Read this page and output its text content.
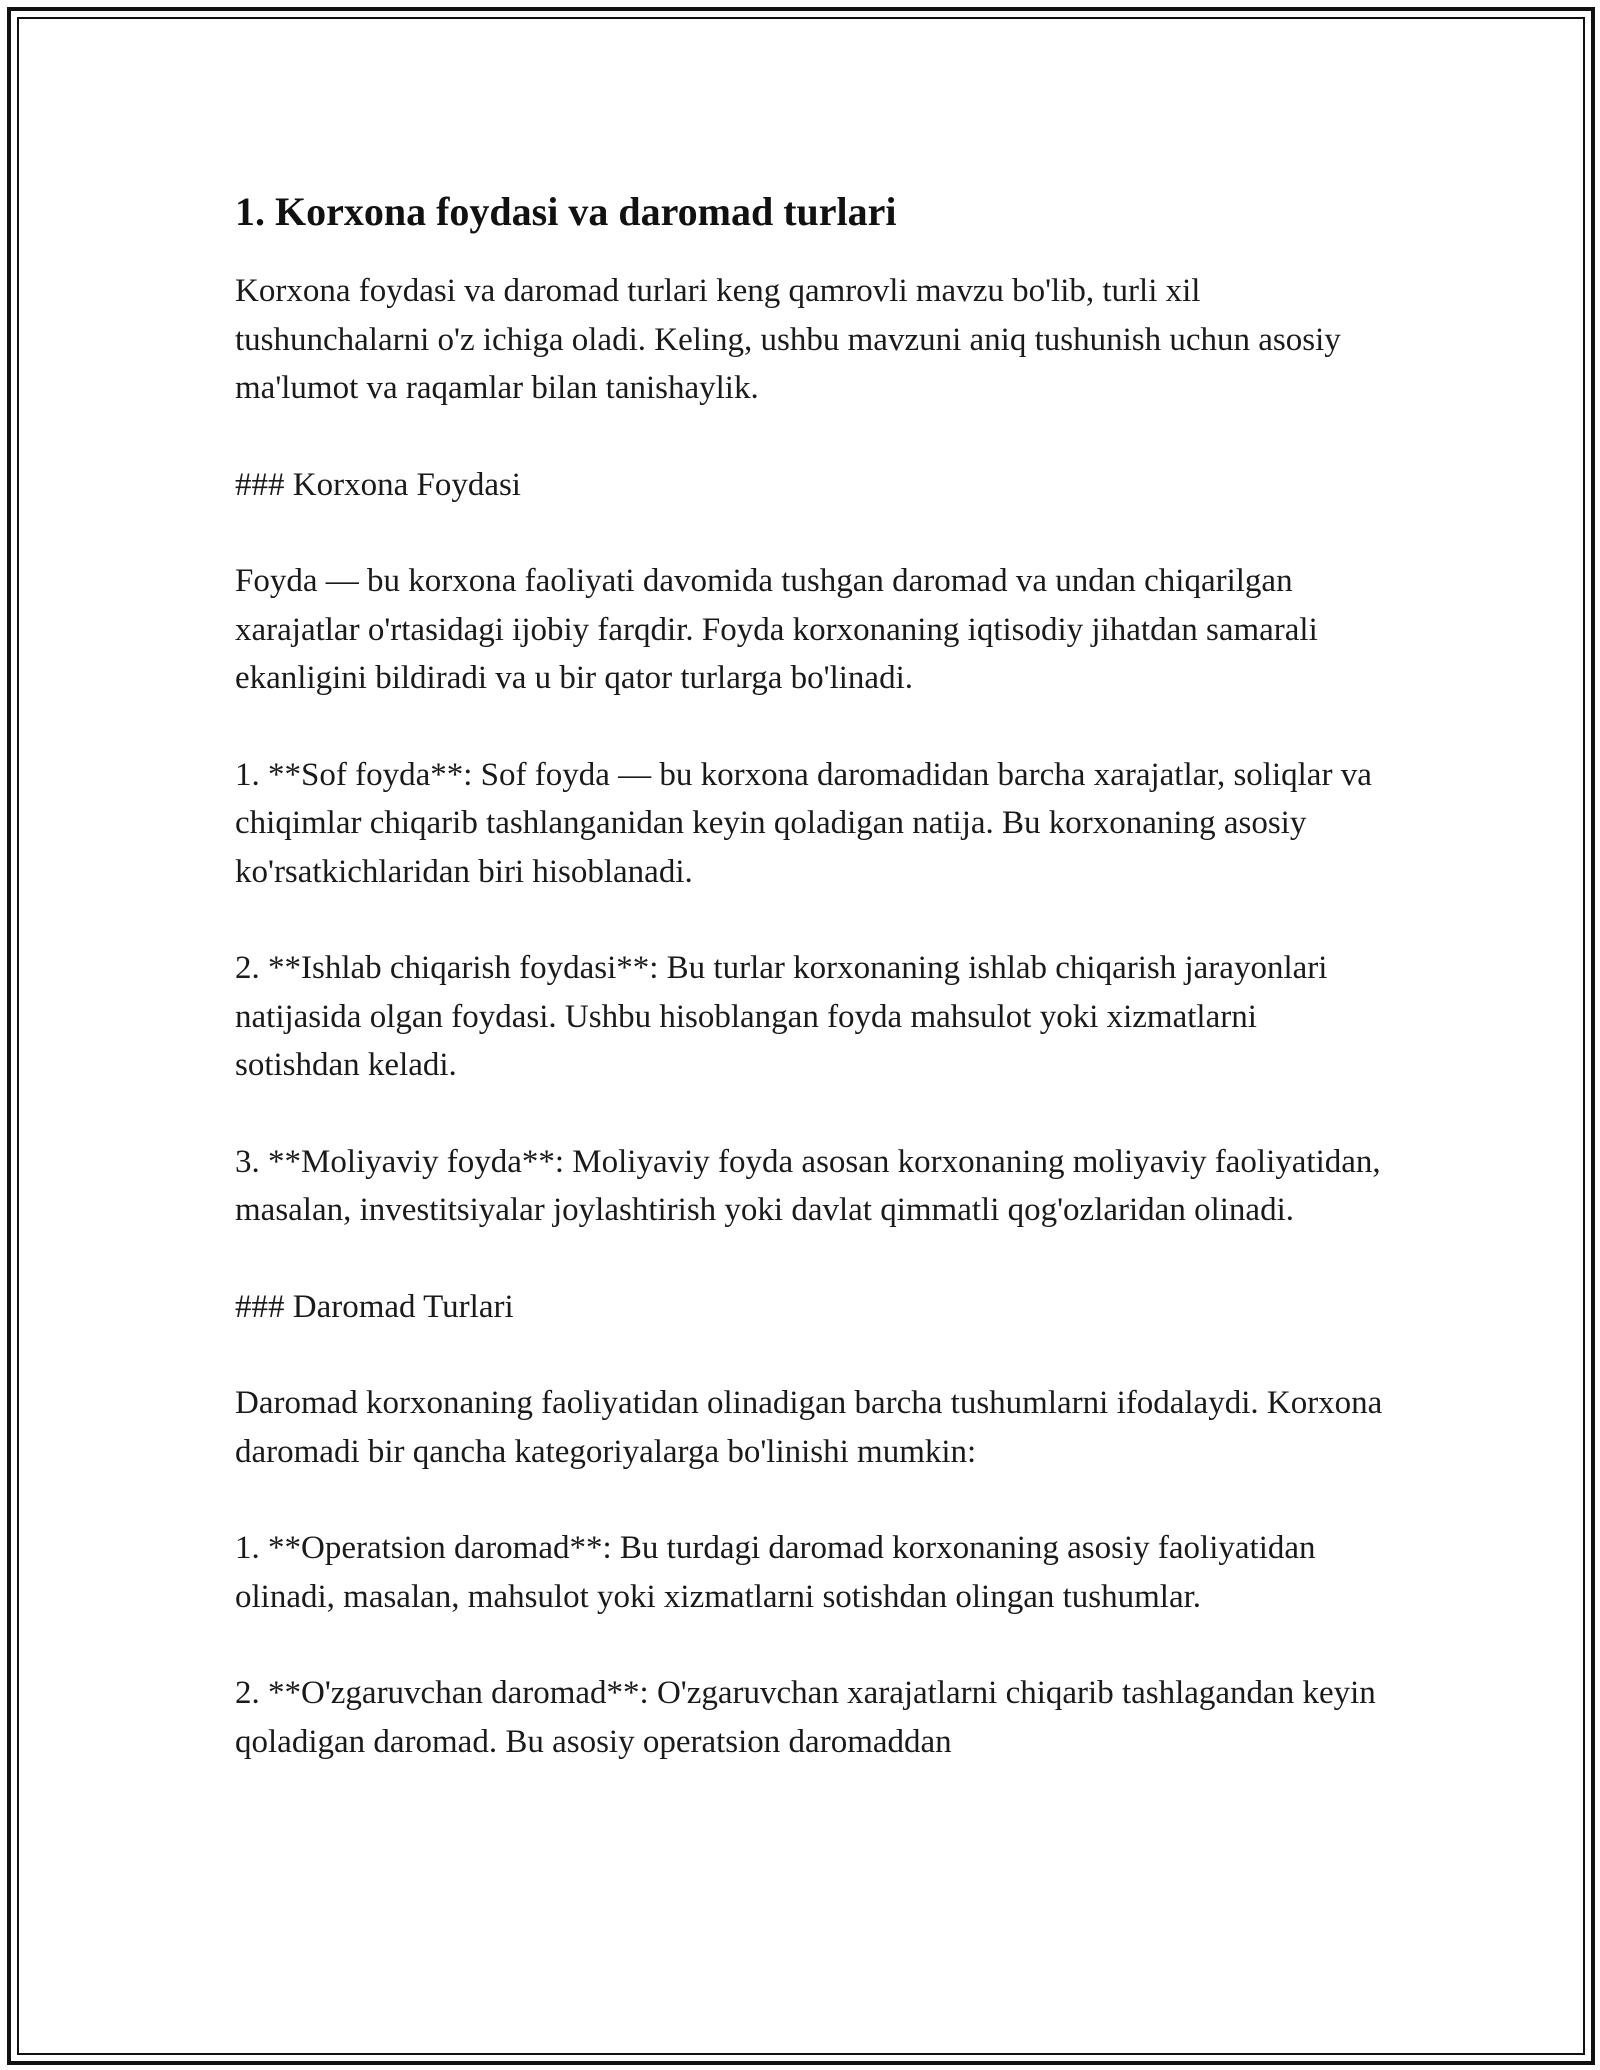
1. Korxona foydasi va daromad turlari

Korxona foydasi va daromad turlari keng qamrovli mavzu bo'lib, turli xil tushunchalarni o'z ichiga oladi. Keling, ushbu mavzuni aniq tushunish uchun asosiy ma'lumot va raqamlar bilan tanishaylik.

### Korxona Foydasi

Foyda — bu korxona faoliyati davomida tushgan daromad va undan chiqarilgan xarajatlar o'rtasidagi ijobiy farqdir. Foyda korxonaning iqtisodiy jihatdan samarali ekanligini bildiradi va u bir qator turlarga bo'linadi.

1. **Sof foyda**: Sof foyda — bu korxona daromadidan barcha xarajatlar, soliqlar va chiqimlar chiqarib tashlanganidan keyin qoladigan natija. Bu korxonaning asosiy ko'rsatkichlaridan biri hisoblanadi.

2. **Ishlab chiqarish foydasi**: Bu turlar korxonaning ishlab chiqarish jarayonlari natijasida olgan foydasi. Ushbu hisoblangan foyda mahsulot yoki xizmatlarni sotishdan keladi.

3. **Moliyaviy foyda**: Moliyaviy foyda asosan korxonaning moliyaviy faoliyatidan, masalan, investitsiyalar joylashtirish yoki davlat qimmatli qog'ozlaridan olinadi.

### Daromad Turlari

Daromad korxonaning faoliyatidan olinadigan barcha tushumlarni ifodalaydi. Korxona daromadi bir qancha kategoriyalarga bo'linishi mumkin:

1. **Operatsion daromad**: Bu turdagi daromad korxonaning asosiy faoliyatidan olinadi, masalan, mahsulot yoki xizmatlarni sotishdan olingan tushumlar.

2. **O'zgaruvchan daromad**: O'zgaruvchan xarajatlarni chiqarib tashlagandan keyin qoladigan daromad. Bu asosiy operatsion daromaddan
